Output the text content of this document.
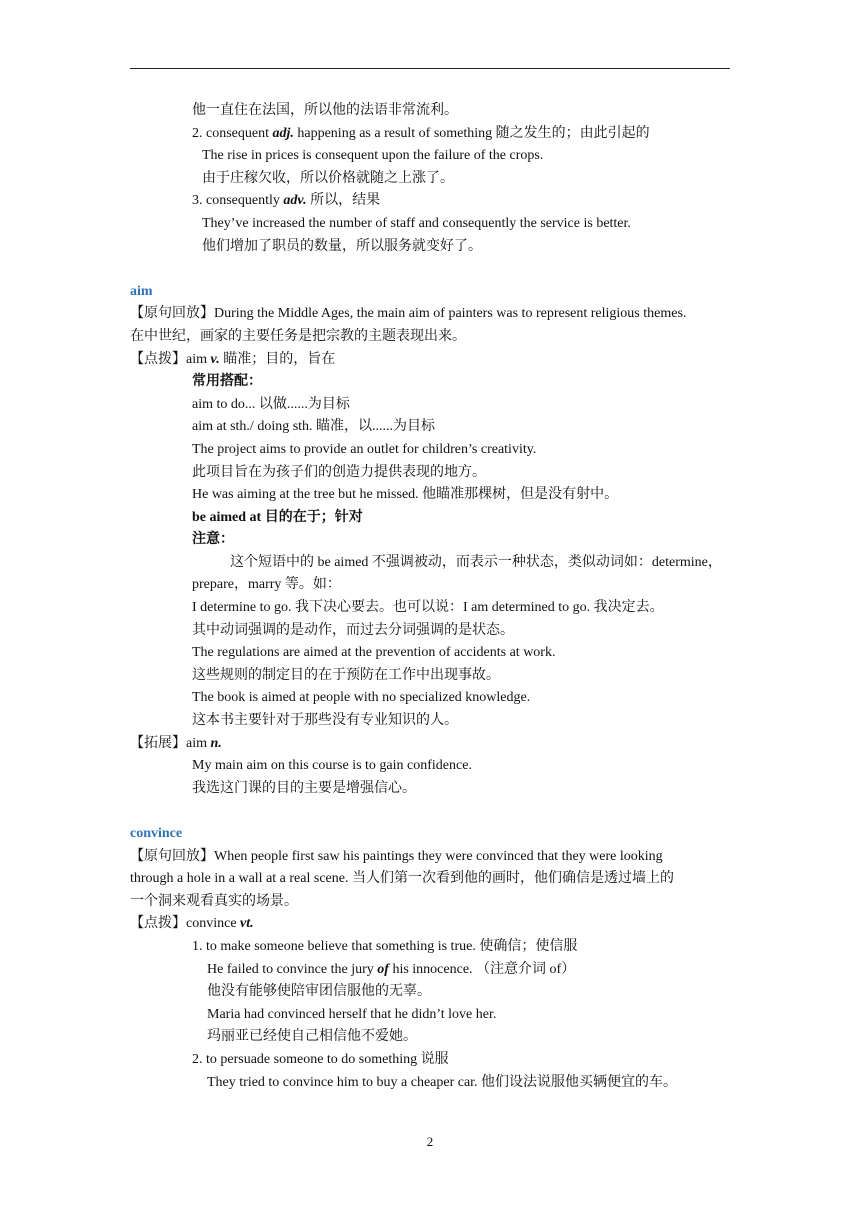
他一直住在法国，所以他的法语非常流利。
2. consequent adj. happening as a result of something 随之发生的；由此引起的
The rise in prices is consequent upon the failure of the crops.
由于庄稼欠收，所以价格就随之上涨了。
3. consequently adv. 所以，结果
They’ve increased the number of staff and consequently the service is better.
他们增加了职员的数量，所以服务就变好了。
aim
【原句回放】During the Middle Ages, the main aim of painters was to represent religious themes.
在中世纪，画家的主要任务是把宗教的主题表现出来。
【点拨】aim v. 瞄准；目的，旨在
常用搭配：
aim to do... 以做......为目标
aim at sth./ doing sth. 瞄准，以......为目标
The project aims to provide an outlet for children’s creativity.
此项目旨在为孩子们的创造力提供表现的地方。
He was aiming at the tree but he missed. 他瞄准那棵树，但是没有射中。
be aimed at 目的在于；针对
注意：
这个短语中的 be aimed 不强调被动，而表示一种状态，类似动词如：determine，
prepare，marry 等。如：
I determine to go. 我下决心要去。也可以说：I am determined to go. 我决定去。
其中动词强调的是动作，而过去分词强调的是状态。
The regulations are aimed at the prevention of accidents at work.
这些规则的制定目的在于预防在工作中出现事故。
The book is aimed at people with no specialized knowledge.
这本书主要针对于那些没有专业知识的人。
【拓展】aim n.
My main aim on this course is to gain confidence.
我选这门课的目的主要是增强信心。
convince
【原句回放】When people first saw his paintings they were convinced that they were looking
through a hole in a wall at a real scene. 当人们第一次看到他的画时，他们确信是透过墙上的
一个洞来观看真实的场景。
【点拨】convince vt.
1. to make someone believe that something is true. 使确信；使信服
He failed to convince the jury of his innocence. （注意介词 of）
他没有能够使陪审团信服他的无辜。
Maria had convinced herself that he didn’t love her.
玛丽亚已经使自己相信他不爱她。
2. to persuade someone to do something 说服
They tried to convince him to buy a cheaper car. 他们设法说服他买辆便宜的车。
2
